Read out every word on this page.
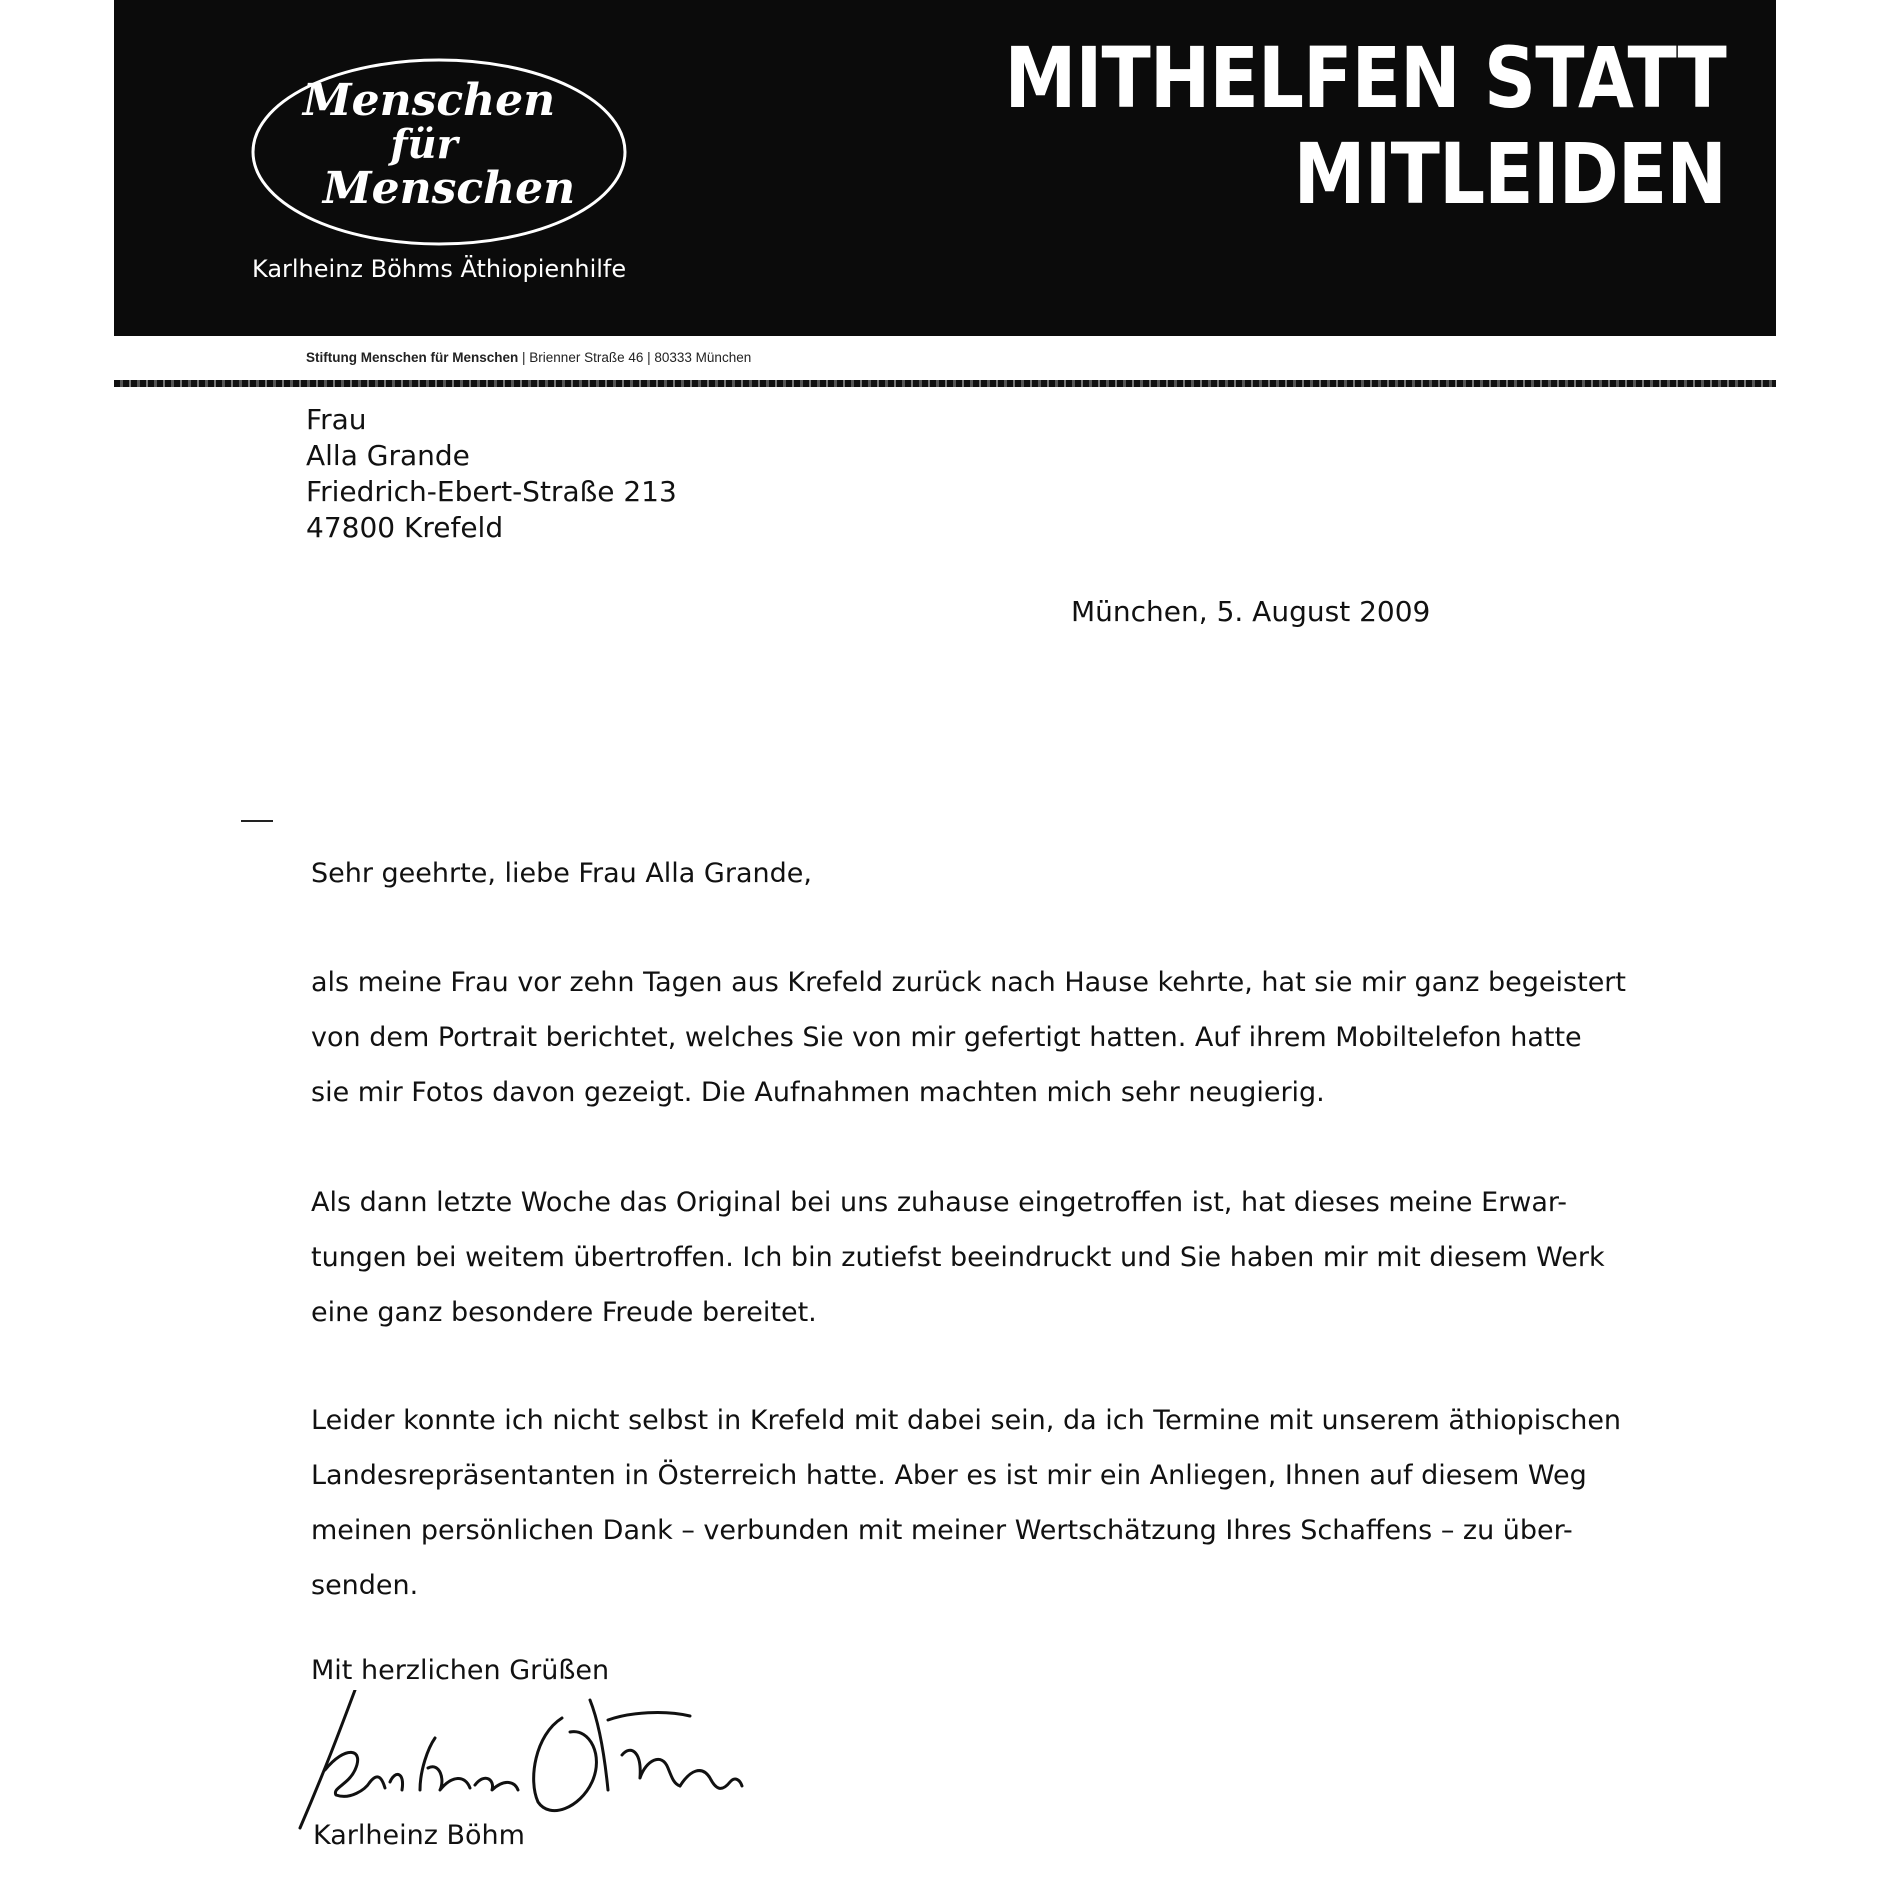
Menschen
für
Menschen
Karlheinz Böhms Äthiopienhilfe
MITHELFEN STATT
MITLEIDEN
Stiftung Menschen für Menschen | Brienner Straße 46 | 80333 München
Frau
Alla Grande
Friedrich-Ebert-Straße 213
47800 Krefeld
München, 5. August 2009
Sehr geehrte, liebe Frau Alla Grande,
als meine Frau vor zehn Tagen aus Krefeld zurück nach Hause kehrte, hat sie mir ganz begeistert
von dem Portrait berichtet, welches Sie von mir gefertigt hatten. Auf ihrem Mobiltelefon hatte
sie mir Fotos davon gezeigt. Die Aufnahmen machten mich sehr neugierig.
Als dann letzte Woche das Original bei uns zuhause eingetroffen ist, hat dieses meine Erwar-
tungen bei weitem übertroffen. Ich bin zutiefst beeindruckt und Sie haben mir mit diesem Werk
eine ganz besondere Freude bereitet.
Leider konnte ich nicht selbst in Krefeld mit dabei sein, da ich Termine mit unserem äthiopischen
Landesrepräsentanten in Österreich hatte. Aber es ist mir ein Anliegen, Ihnen auf diesem Weg
meinen persönlichen Dank – verbunden mit meiner Wertschätzung Ihres Schaffens – zu über-
senden.
Mit herzlichen Grüßen
Karlheinz Böhm
